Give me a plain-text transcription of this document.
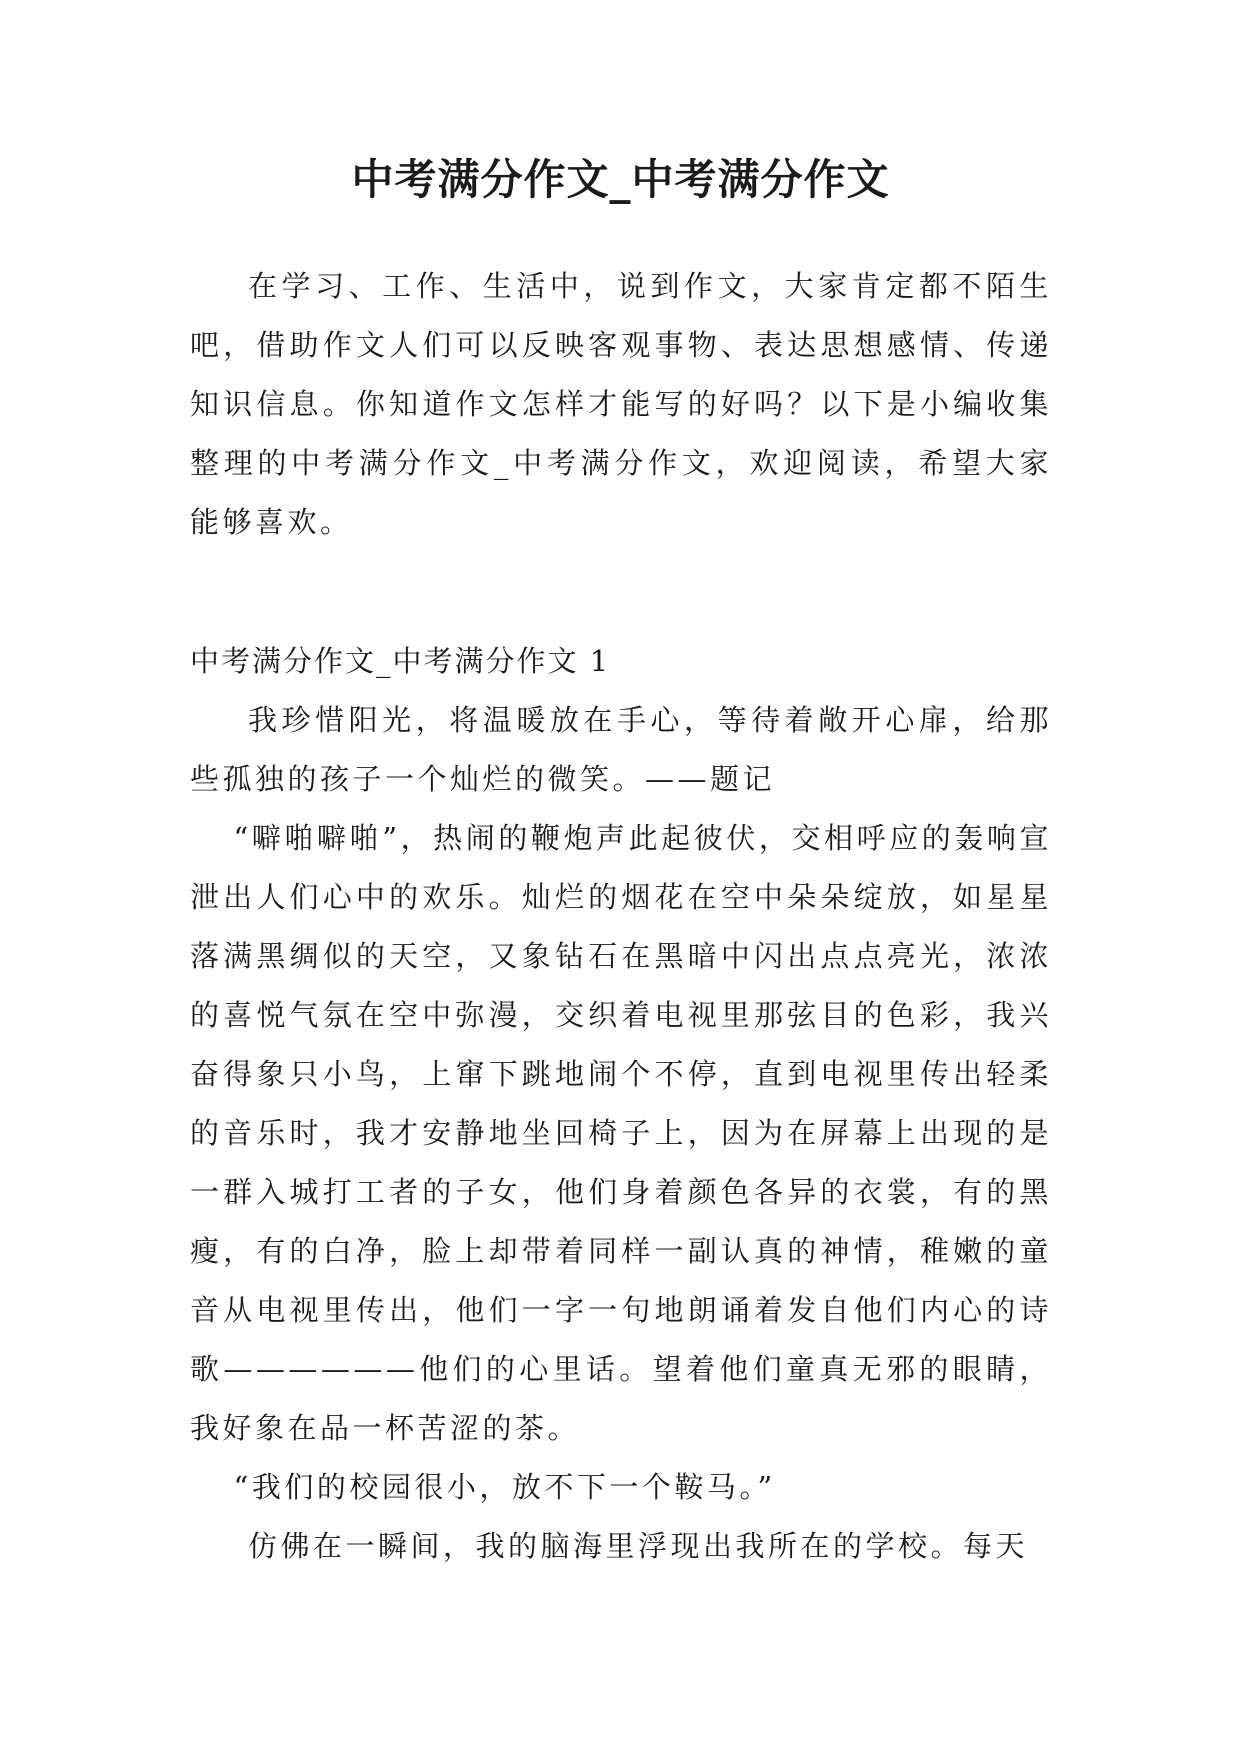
中考满分作文_中考满分作文

在学习、工作、生活中，说到作文，大家肯定都不陌生吧，借助作文人们可以反映客观事物、表达思想感情、传递知识信息。你知道作文怎样才能写的好吗？以下是小编收集整理的中考满分作文_中考满分作文，欢迎阅读，希望大家能够喜欢。

中考满分作文_中考满分作文 1

我珍惜阳光，将温暖放在手心，等待着敞开心扉，给那些孤独的孩子一个灿烂的微笑。——题记

“噼啪噼啪”，热闹的鞭炮声此起彼伏，交相呼应的轰响宣泄出人们心中的欢乐。灿烂的烟花在空中朵朵绽放，如星星落满黑绸似的天空，又象钻石在黑暗中闪出点点亮光，浓浓的喜悦气氛在空中弥漫，交织着电视里那弦目的色彩，我兴奋得象只小鸟，上窜下跳地闹个不停，直到电视里传出轻柔的音乐时，我才安静地坐回椅子上，因为在屏幕上出现的是一群入城打工者的子女，他们身着颜色各异的衣裳，有的黑瘦，有的白净，脸上却带着同样一副认真的神情，稚嫩的童音从电视里传出，他们一字一句地朗诵着发自他们内心的诗歌——————他们的心里话。望着他们童真无邪的眼睛，我好象在品一杯苦涩的茶。

“我们的校园很小，放不下一个鞍马。”

仿佛在一瞬间，我的脑海里浮现出我所在的学校。每天
